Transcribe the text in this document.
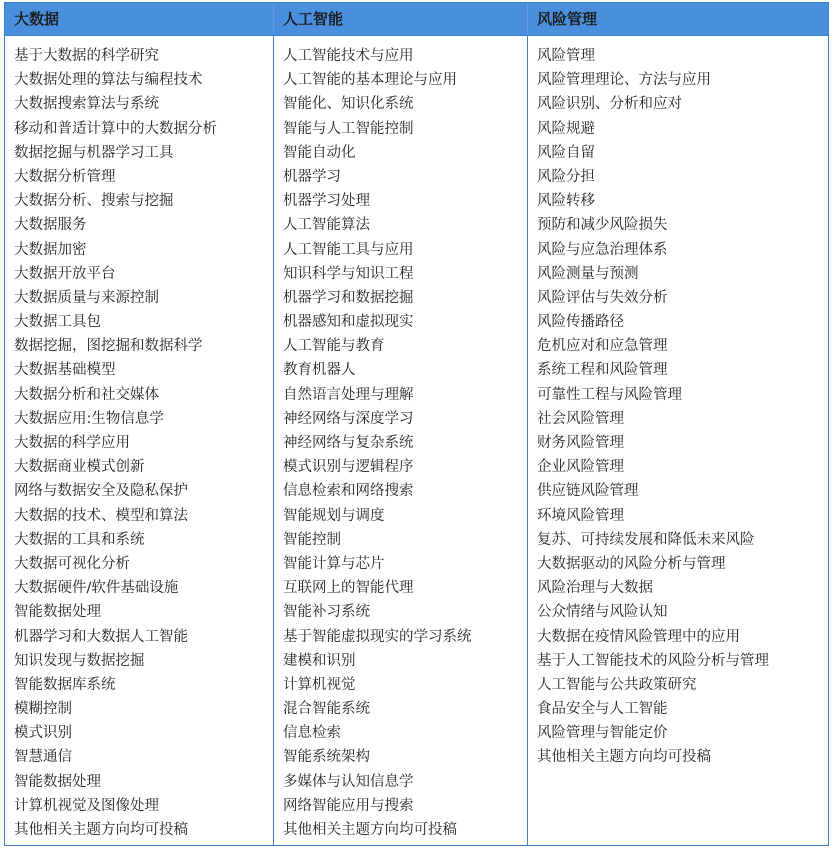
大数据	人工智能	风险管理
基于大数据的科学研究
大数据处理的算法与编程技术
大数据搜索算法与系统
移动和普适计算中的大数据分析
数据挖掘与机器学习工具
大数据分析管理
大数据分析、搜索与挖掘
大数据服务
大数据加密
大数据开放平台
大数据质量与来源控制
大数据工具包
数据挖掘，图挖掘和数据科学
大数据基础模型
大数据分析和社交媒体
大数据应用:生物信息学
大数据的科学应用
大数据商业模式创新
网络与数据安全及隐私保护
大数据的技术、模型和算法
大数据的工具和系统
大数据可视化分析
大数据硬件/软件基础设施
智能数据处理
机器学习和大数据人工智能
知识发现与数据挖掘
智能数据库系统
模糊控制
模式识别
智慧通信
智能数据处理
计算机视觉及图像处理
其他相关主题方向均可投稿
人工智能技术与应用
人工智能的基本理论与应用
智能化、知识化系统
智能与人工智能控制
智能自动化
机器学习
机器学习处理
人工智能算法
人工智能工具与应用
知识科学与知识工程
机器学习和数据挖掘
机器感知和虚拟现实
人工智能与教育
教育机器人
自然语言处理与理解
神经网络与深度学习
神经网络与复杂系统
模式识别与逻辑程序
信息检索和网络搜索
智能规划与调度
智能控制
智能计算与芯片
互联网上的智能代理
智能补习系统
基于智能虚拟现实的学习系统
建模和识别
计算机视觉
混合智能系统
信息检索
智能系统架构
多媒体与认知信息学
网络智能应用与搜索
其他相关主题方向均可投稿
风险管理
风险管理理论、方法与应用
风险识别、分析和应对
风险规避
风险自留
风险分担
风险转移
预防和减少风险损失
风险与应急治理体系
风险测量与预测
风险评估与失效分析
风险传播路径
危机应对和应急管理
系统工程和风险管理
可靠性工程与风险管理
社会风险管理
财务风险管理
企业风险管理
供应链风险管理
环境风险管理
复苏、可持续发展和降低未来风险
大数据驱动的风险分析与管理
风险治理与大数据
公众情绪与风险认知
大数据在疫情风险管理中的应用
基于人工智能技术的风险分析与管理
人工智能与公共政策研究
食品安全与人工智能
风险管理与智能定价
其他相关主题方向均可投稿
